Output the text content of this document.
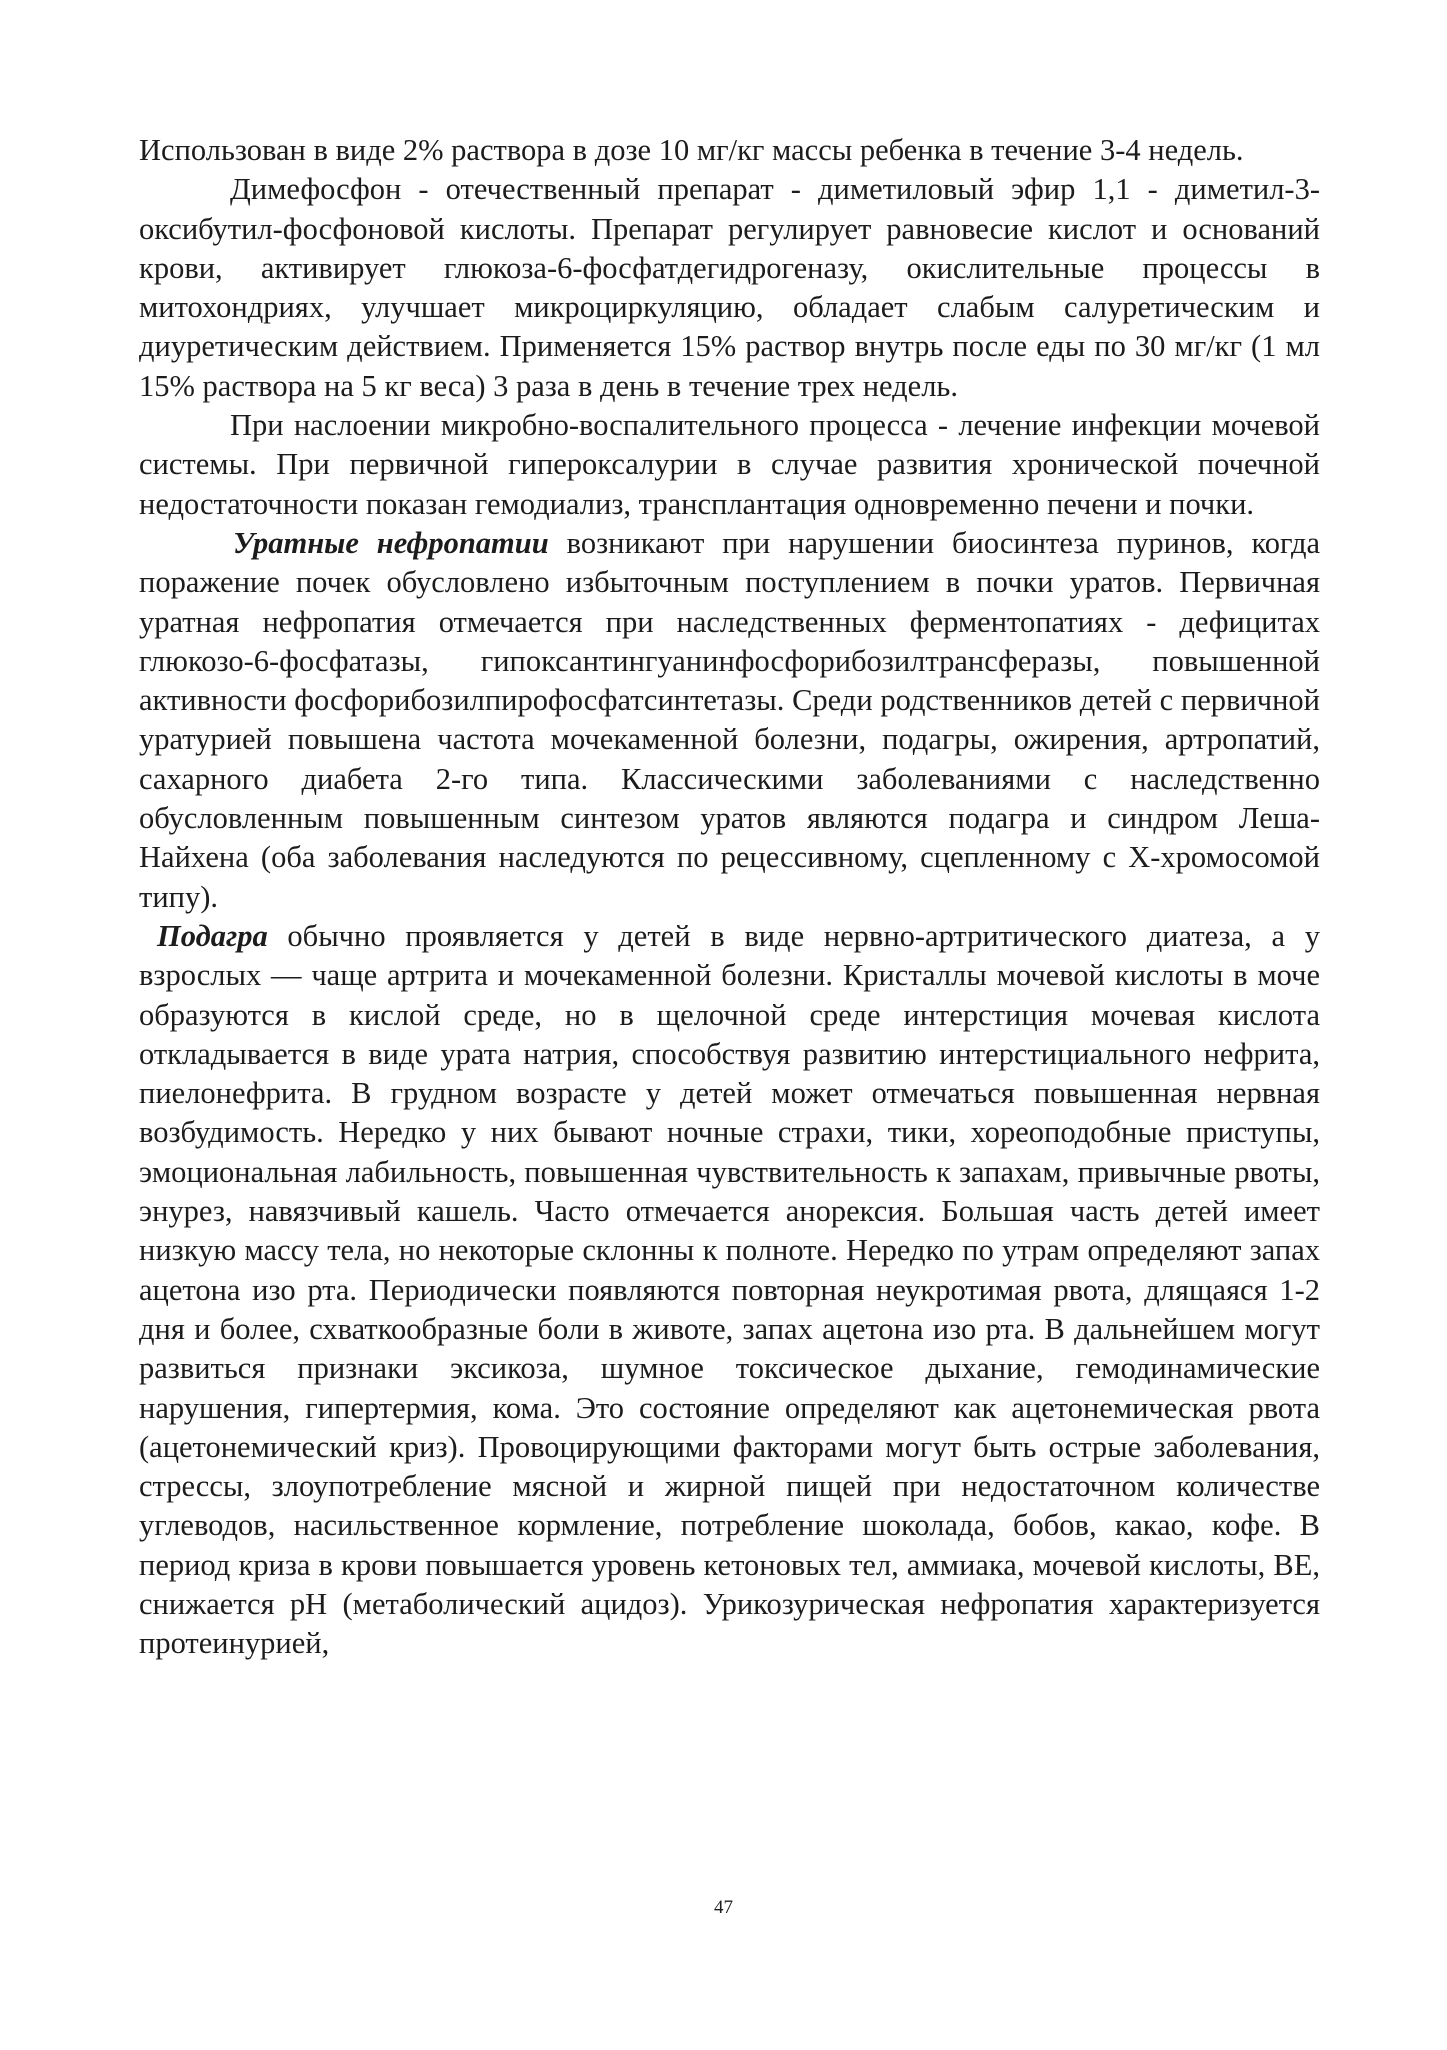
Использован в виде 2% раствора в дозе 10 мг/кг массы ребенка в течение 3-4 недель.

Димефосфон - отечественный препарат - диметиловый эфир 1,1 - диметил-3-оксибутил-фосфоновой кислоты. Препарат регулирует равновесие кислот и оснований крови, активирует глюкоза-6-фосфатдегидрогеназу, окислительные процессы в митохондриях, улучшает микроциркуляцию, обладает слабым салуретическим и диуретическим действием. Применяется 15% раствор внутрь после еды по 30 мг/кг (1 мл 15% раствора на 5 кг веса) 3 раза в день в течение трех недель.

При наслоении микробно-воспалительного процесса - лечение инфекции мочевой системы. При первичной гипероксалурии в случае развития хронической почечной недостаточности показан гемодиализ, трансплантация одновременно печени и почки.

Уратные нефропатии возникают при нарушении биосинтеза пуринов, когда поражение почек обусловлено избыточным поступлением в почки уратов. Первичная уратная нефропатия отмечается при наследственных ферментопатиях - дефицитах глюкозо-6-фосфатазы, гипоксантингуанинфосфорибозилтрансферазы, повышенной активности фосфорибозилпирофосфатсинтетазы. Среди родственников детей с первичной уратурией повышена частота мочекаменной болезни, подагры, ожирения, артропатий, сахарного диабета 2-го типа. Классическими заболеваниями с наследственно обусловленным повышенным синтезом уратов являются подагра и синдром Леша-Найхена (оба заболевания наследуются по рецессивному, сцепленному с Х-хромосомой типу).

Подагра обычно проявляется у детей в виде нервно-артритического диатеза, а у взрослых — чаще артрита и мочекаменной болезни. Кристаллы мочевой кислоты в моче образуются в кислой среде, но в щелочной среде интерстиция мочевая кислота откладывается в виде урата натрия, способствуя развитию интерстициального нефрита, пиелонефрита. В грудном возрасте у детей может отмечаться повышенная нервная возбудимость. Нередко у них бывают ночные страхи, тики, хореоподобные приступы, эмоциональная лабильность, повышенная чувствительность к запахам, привычные рвоты, энурез, навязчивый кашель. Часто отмечается анорексия. Большая часть детей имеет низкую массу тела, но некоторые склонны к полноте. Нередко по утрам определяют запах ацетона изо рта. Периодически появляются повторная неукротимая рвота, длящаяся 1-2 дня и более, схваткообразные боли в животе, запах ацетона изо рта. В дальнейшем могут развиться признаки эксикоза, шумное токсическое дыхание, гемодинамические нарушения, гипертермия, кома. Это состояние определяют как ацетонемическая рвота (ацетонемический криз). Провоцирующими факторами могут быть острые заболевания, стрессы, злоупотребление мясной и жирной пищей при недостаточном количестве углеводов, насильственное кормление, потребление шоколада, бобов, какао, кофе. В период криза в крови повышается уровень кетоновых тел, аммиака, мочевой кислоты, BE, снижается pH (метаболический ацидоз). Урикозурическая нефропатия характеризуется протеинурией,

47
